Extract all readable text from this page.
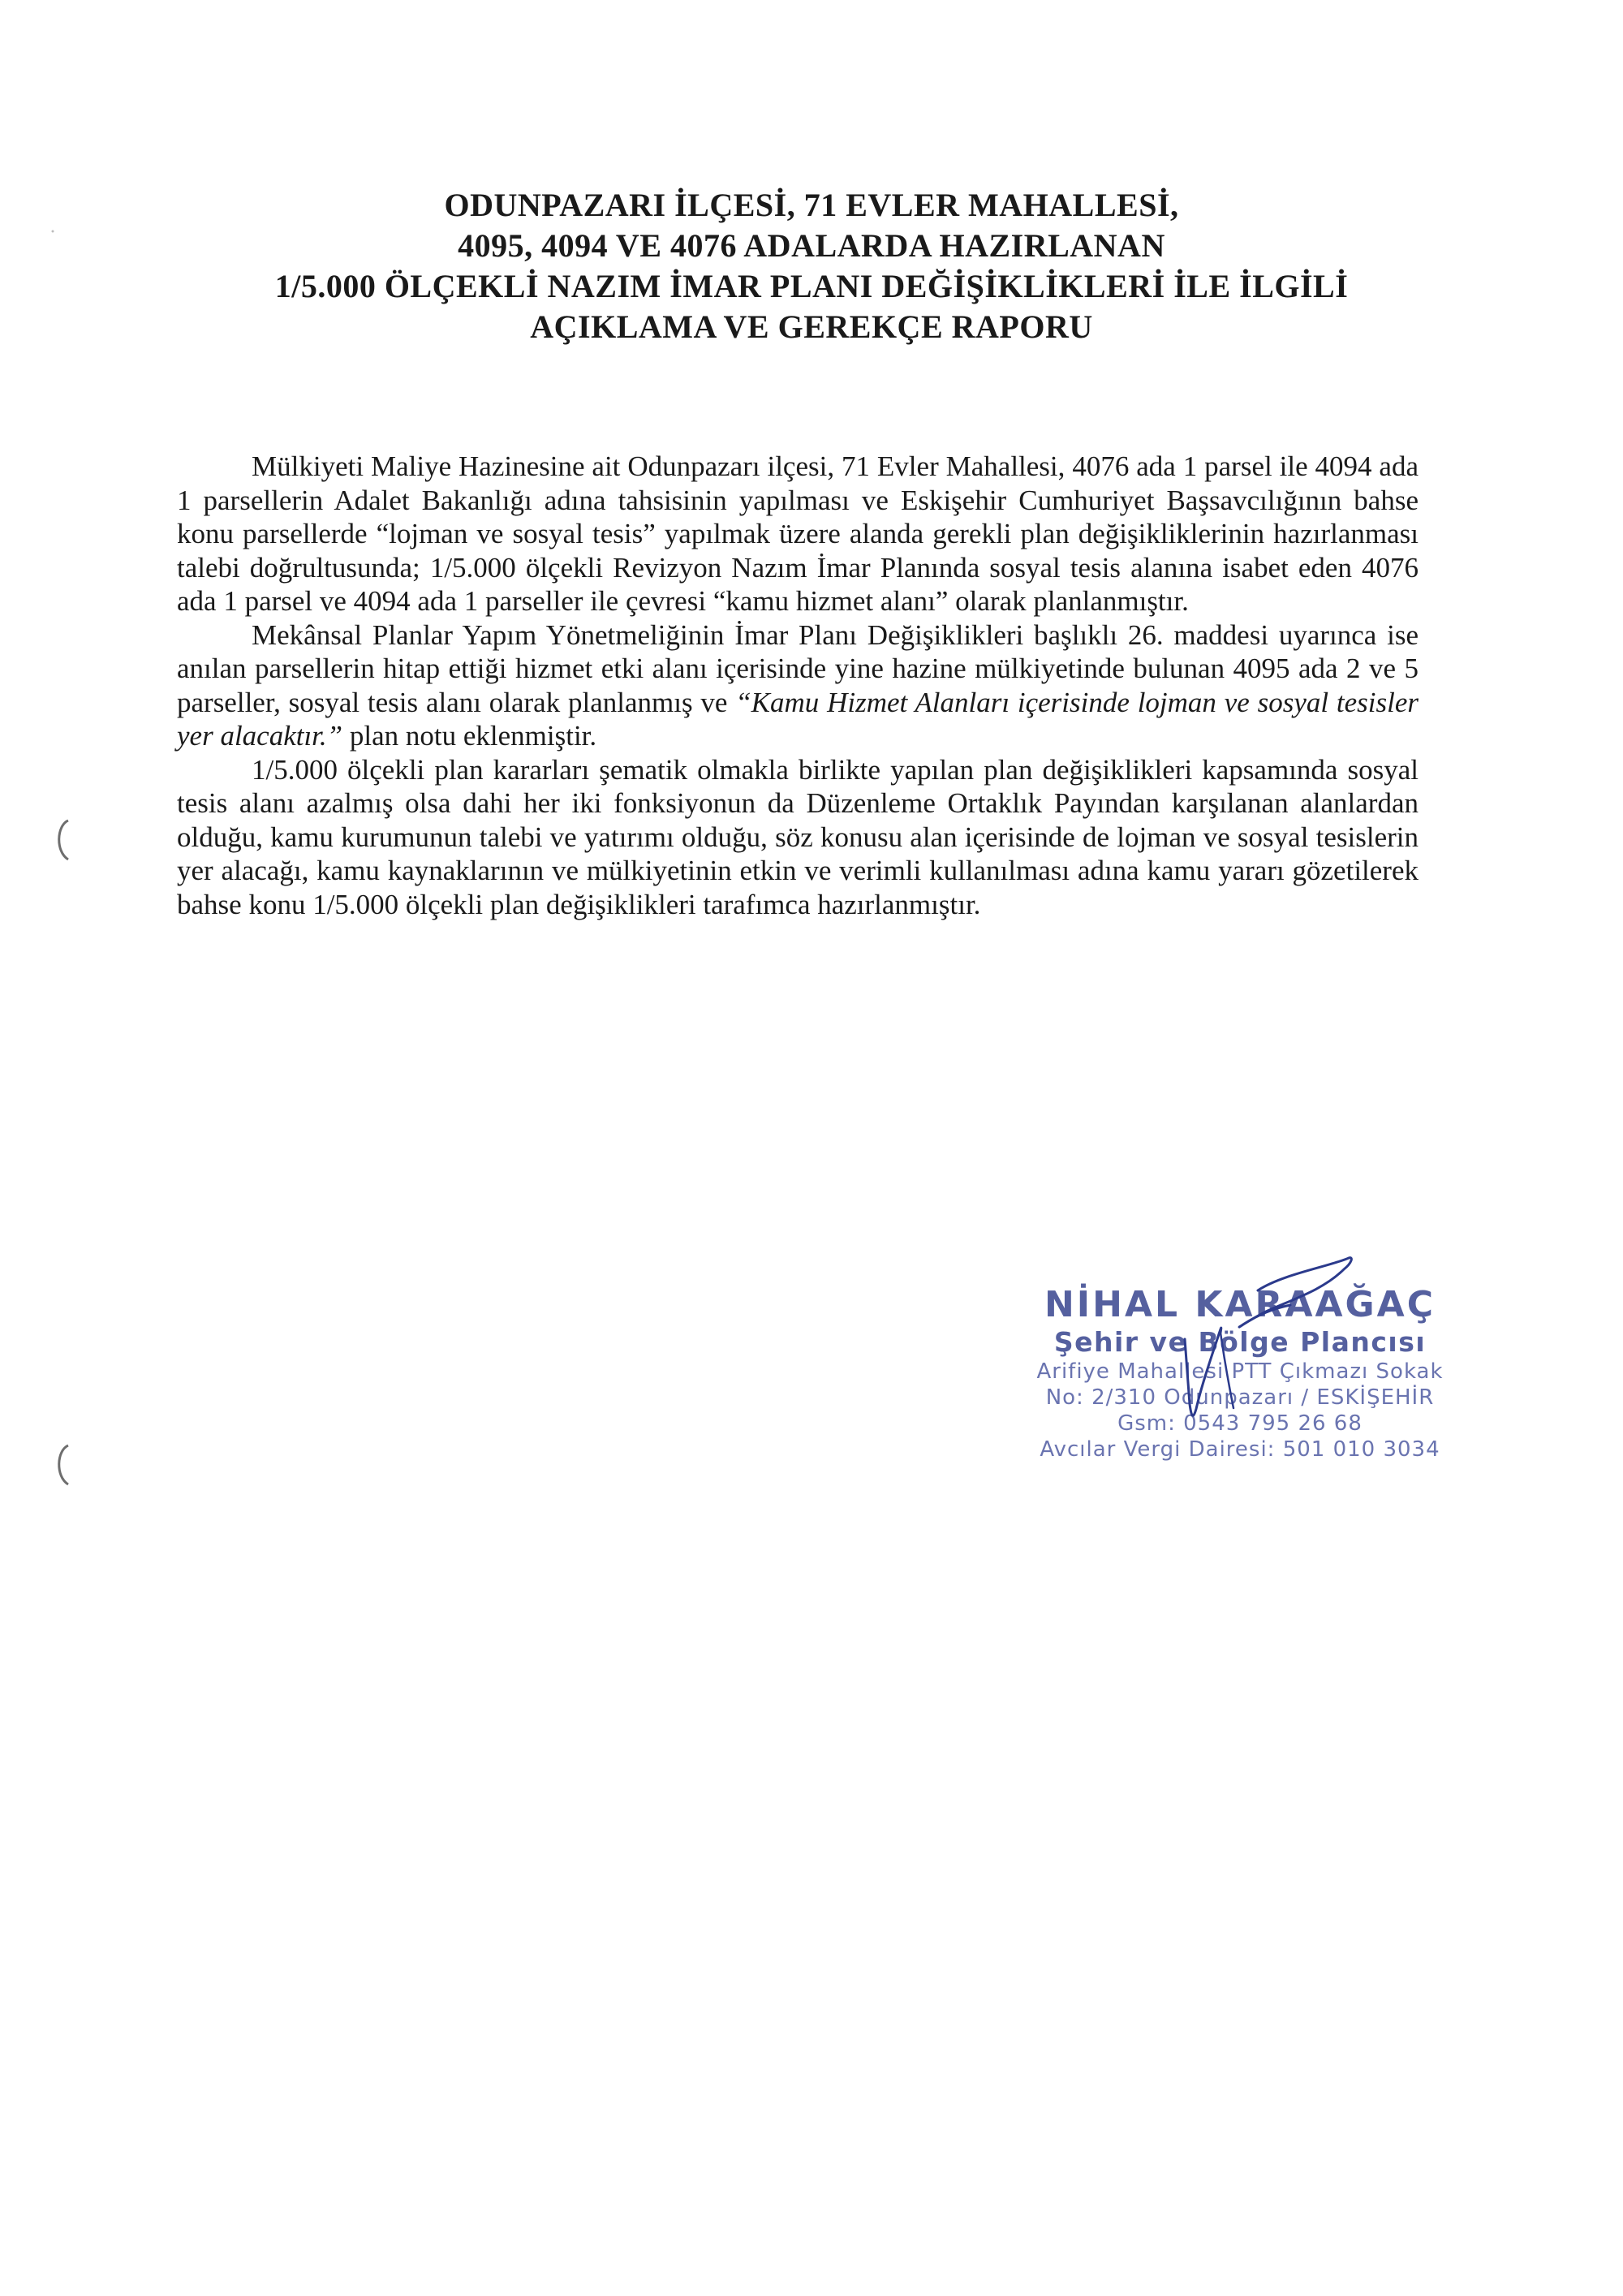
ODUNPAZARI İLÇESİ, 71 EVLER MAHALLESİ,
4095, 4094 VE 4076 ADALARDA HAZIRLANAN
1/5.000 ÖLÇEKLİ NAZIM İMAR PLANI DEĞİŞİKLİKLERİ İLE İLGİLİ
AÇIKLAMA VE GEREKÇE RAPORU

Mülkiyeti Maliye Hazinesine ait Odunpazarı ilçesi, 71 Evler Mahallesi, 4076 ada 1 parsel ile 4094 ada 1 parsellerin Adalet Bakanlığı adına tahsisinin yapılması ve Eskişehir Cumhuriyet Başsavcılığının bahse konu parsellerde “lojman ve sosyal tesis” yapılmak üzere alanda gerekli plan değişikliklerinin hazırlanması talebi doğrultusunda; 1/5.000 ölçekli Revizyon Nazım İmar Planında sosyal tesis alanına isabet eden 4076 ada 1 parsel ve 4094 ada 1 parseller ile çevresi “kamu hizmet alanı” olarak planlanmıştır.

Mekânsal Planlar Yapım Yönetmeliğinin İmar Planı Değişiklikleri başlıklı 26. maddesi uyarınca ise anılan parsellerin hitap ettiği hizmet etki alanı içerisinde yine hazine mülkiyetinde bulunan 4095 ada 2 ve 5 parseller, sosyal tesis alanı olarak planlanmış ve “Kamu Hizmet Alanları içerisinde lojman ve sosyal tesisler yer alacaktır.” plan notu eklenmiştir.

1/5.000 ölçekli plan kararları şematik olmakla birlikte yapılan plan değişiklikleri kapsamında sosyal tesis alanı azalmış olsa dahi her iki fonksiyonun da Düzenleme Ortaklık Payından karşılanan alanlardan olduğu, kamu kurumunun talebi ve yatırımı olduğu, söz konusu alan içerisinde de lojman ve sosyal tesislerin yer alacağı, kamu kaynaklarının ve mülkiyetinin etkin ve verimli kullanılması adına kamu yararı gözetilerek bahse konu 1/5.000 ölçekli plan değişiklikleri tarafımca hazırlanmıştır.

NİHAL KARAAĞAÇ
Şehir ve Bölge Plancısı
Arifiye Mahallesi PTT Çıkmazı Sokak
No: 2/310 Odunpazarı / ESKİŞEHİR
Gsm: 0543 795 26 68
Avcılar Vergi Dairesi: 501 010 3034
